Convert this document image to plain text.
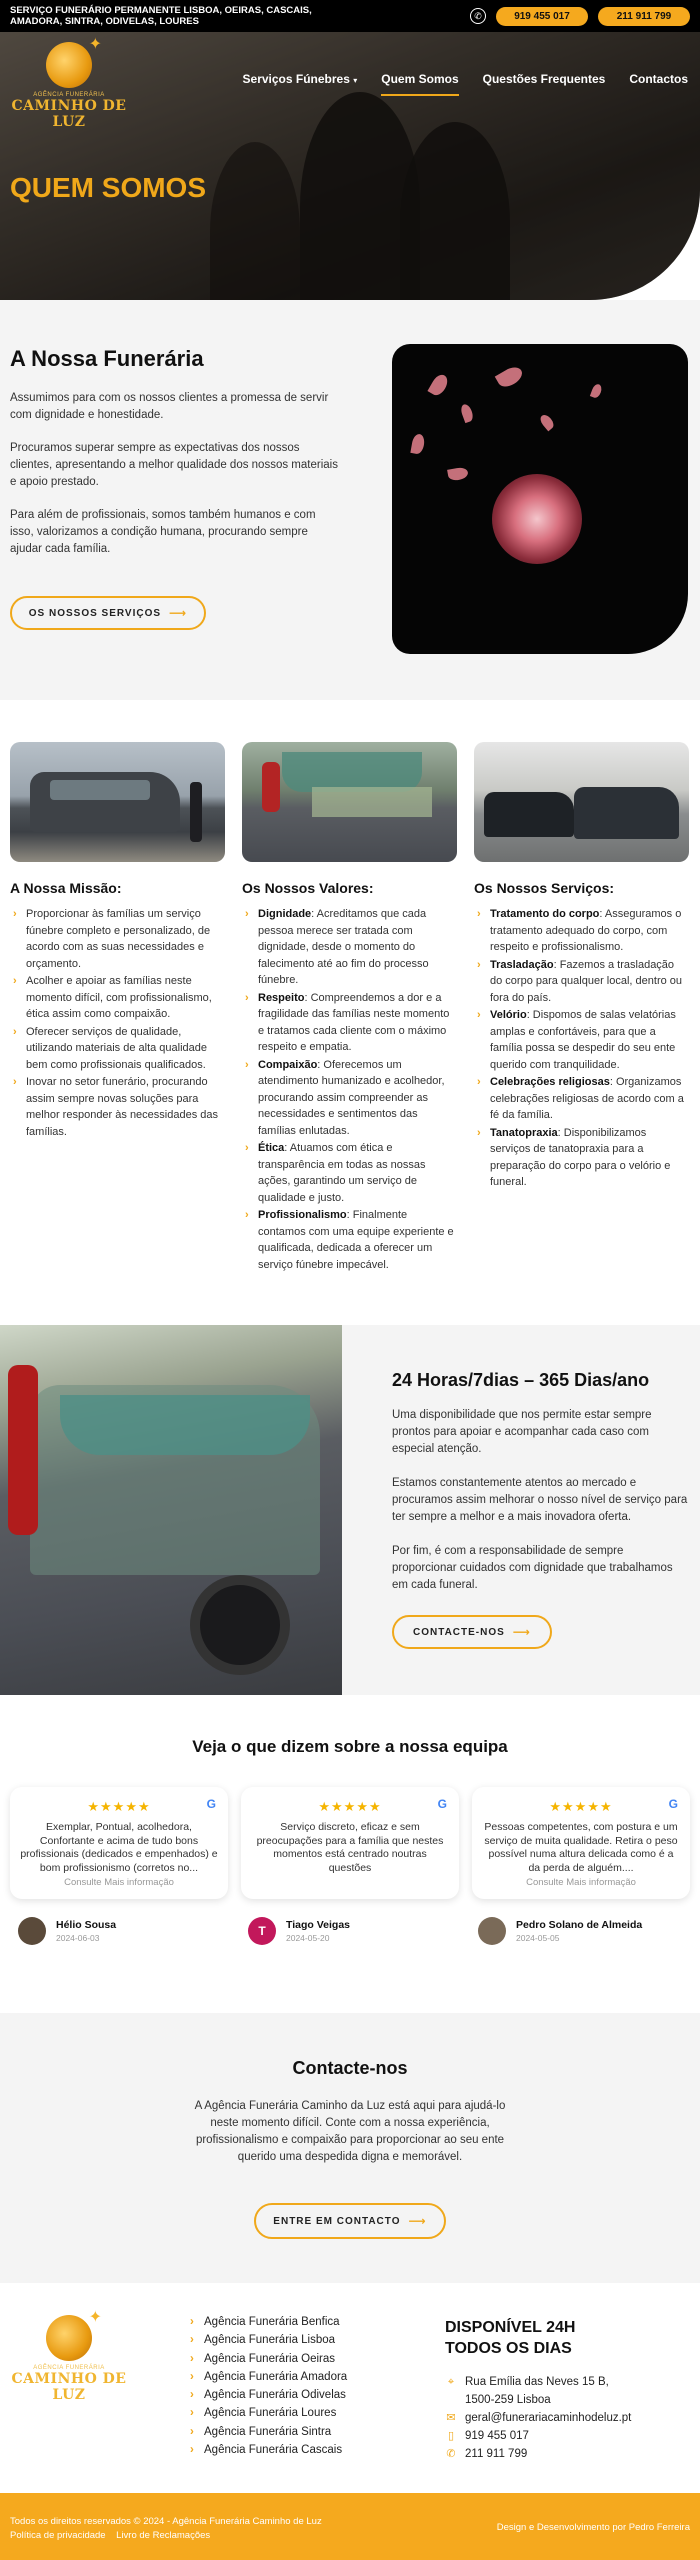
SERVIÇO FUNERÁRIO PERMANENTE LISBOA, OEIRAS, CASCAIS, AMADORA, SINTRA, ODIVELAS, LOURES
✆	919 455 017	211 911 799
✦
AGÊNCIA FUNERÁRIA
CAMINHO DE LUZ
Serviços Fúnebres ▾ Quem Somos Questões Frequentes Contactos
QUEM SOMOS
A Nossa Funerária
Assumimos para com os nossos clientes a promessa de servir com dignidade e honestidade.
Procuramos superar sempre as expectativas dos nossos clientes, apresentando a melhor qualidade dos nossos materiais e apoio prestado.
Para além de profissionais, somos também humanos e com isso, valorizamos a condição humana, procurando sempre ajudar cada família.
OS NOSSOS SERVIÇOS ⟶
A Nossa Missão:
› Proporcionar às famílias um serviço fúnebre completo e personalizado, de acordo com as suas necessidades e orçamento.
› Acolher e apoiar as famílias neste momento difícil, com profissionalismo, ética assim como compaixão.
› Oferecer serviços de qualidade, utilizando materiais de alta qualidade bem como profissionais qualificados.
› Inovar no setor funerário, procurando assim sempre novas soluções para melhor responder às necessidades das famílias.
Os Nossos Valores:
› Dignidade: Acreditamos que cada pessoa merece ser tratada com dignidade, desde o momento do falecimento até ao fim do processo fúnebre.
› Respeito: Compreendemos a dor e a fragilidade das famílias neste momento e tratamos cada cliente com o máximo respeito e empatia.
› Compaixão: Oferecemos um atendimento humanizado e acolhedor, procurando assim compreender as necessidades e sentimentos das famílias enlutadas.
› Ética: Atuamos com ética e transparência em todas as nossas ações, garantindo um serviço de qualidade e justo.
› Profissionalismo: Finalmente contamos com uma equipe experiente e qualificada, dedicada a oferecer um serviço fúnebre impecável.
Os Nossos Serviços:
› Tratamento do corpo: Asseguramos o tratamento adequado do corpo, com respeito e profissionalismo.
› Trasladação: Fazemos a trasladação do corpo para qualquer local, dentro ou fora do país.
› Velório: Dispomos de salas velatórias amplas e confortáveis, para que a família possa se despedir do seu ente querido com tranquilidade.
› Celebrações religiosas: Organizamos celebrações religiosas de acordo com a fé da família.
› Tanatopraxia: Disponibilizamos serviços de tanatopraxia para a preparação do corpo para o velório e funeral.
24 Horas/7dias – 365 Dias/ano
Uma disponibilidade que nos permite estar sempre prontos para apoiar e acompanhar cada caso com especial atenção.
Estamos constantemente atentos ao mercado e procuramos assim melhorar o nosso nível de serviço para ter sempre a melhor e a mais inovadora oferta.
Por fim, é com a responsabilidade de sempre proporcionar cuidados com dignidade que trabalhamos em cada funeral.
CONTACTE-NOS ⟶
Veja o que dizem sobre a nossa equipa
G
★★★★★
Exemplar, Pontual, acolhedora, Confortante e acima de tudo bons profissionais (dedicados e empenhados) e bom profissionismo (corretos no...
Consulte Mais informação
G
★★★★★
Serviço discreto, eficaz e sem preocupações para a família que nestes momentos está centrado noutras questões
G
★★★★★
Pessoas competentes, com postura e um serviço de muita qualidade. Retira o peso possível numa altura delicada como é a da perda de alguém....
Consulte Mais informação
Hélio Sousa
2024-06-03	T	Tiago Veigas
2024-05-20
Pedro Solano de Almeida
2024-05-05
Contacte-nos
A Agência Funerária Caminho da Luz está aqui para ajudá-lo neste momento difícil. Conte com a nossa experiência, profissionalismo e compaixão para proporcionar ao seu ente querido uma despedida digna e memorável.
ENTRE EM CONTACTO ⟶
✦
AGÊNCIA FUNERÁRIA
CAMINHO DE LUZ
› Agência Funerária Benfica
› Agência Funerária Lisboa
› Agência Funerária Oeiras
› Agência Funerária Amadora
› Agência Funerária Odivelas
› Agência Funerária Loures
› Agência Funerária Sintra
› Agência Funerária Cascais
DISPONÍVEL 24H
TODOS OS DIAS
⌖ Rua Emília das Neves 15 B,
1500-259 Lisboa
✉ geral@funerariacaminhodeluz.pt
▯ 919 455 017
✆ 211 911 799
Todos os direitos reservados © 2024 - Agência Funerária Caminho de Luz
Política de privacidade Livro de Reclamações
Design e Desenvolvimento por Pedro Ferreira
